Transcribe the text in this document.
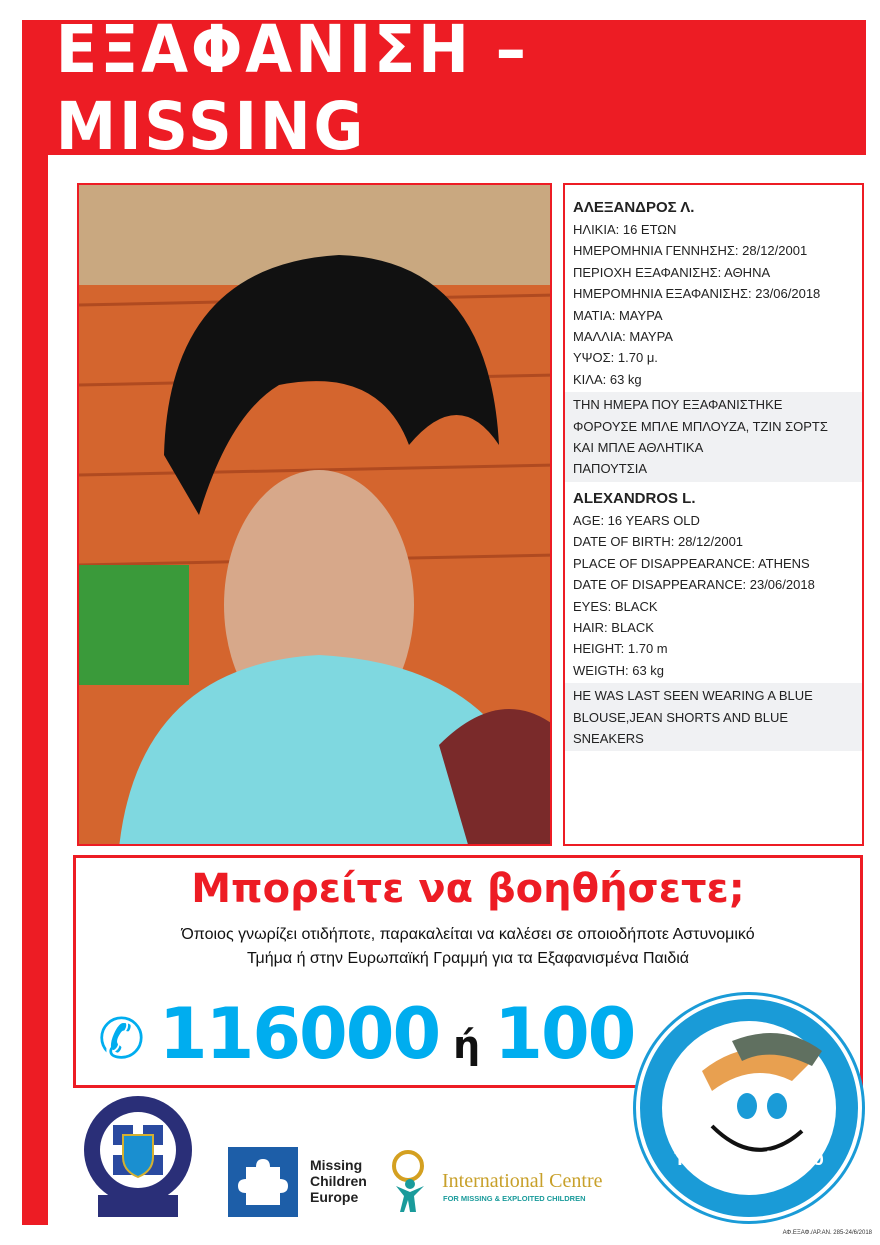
ΕΞΑΦΑΝΙΣΗ – MISSING
ΑΛΕΞΑΝΔΡΟΣ Λ.
ΗΛΙΚΙΑ: 16 ΕΤΩΝ
ΗΜΕΡΟΜΗΝΙΑ ΓΕΝΝΗΣΗΣ: 28/12/2001
ΠΕΡΙΟΧΗ ΕΞΑΦΑΝΙΣΗΣ: ΑΘΗΝΑ
ΗΜΕΡΟΜΗΝΙΑ ΕΞΑΦΑΝΙΣΗΣ: 23/06/2018
ΜΑΤΙΑ: ΜΑΥΡΑ
ΜΑΛΛΙΑ: ΜΑΥΡΑ
ΥΨΟΣ: 1.70 μ.
ΚΙΛΑ: 63 kg
ΤΗΝ ΗΜΕΡΑ ΠΟΥ ΕΞΑΦΑΝΙΣΤΗΚΕ
ΦΟΡΟΥΣΕ ΜΠΛΕ ΜΠΛΟΥΖΑ, ΤΖΙΝ ΣΟΡΤΣ
ΚΑΙ ΜΠΛΕ ΑΘΛΗΤΙΚΑ
ΠΑΠΟΥΤΣΙΑ
ALEXANDROS L.
AGE: 16 YEARS OLD
DATE OF BIRTH: 28/12/2001
PLACE OF DISAPPEARANCE: ATHENS
DATE OF DISAPPEARANCE: 23/06/2018
EYES: BLACK
HAIR: BLACK
HEIGHT: 1.70 m
WEIGTH: 63 kg
HE WAS LAST SEEN WEARING A BLUE
BLOUSE,JEAN SHORTS AND BLUE
SNEAKERS
Μπορείτε να βοηθήσετε;
Όποιος γνωρίζει οτιδήποτε, παρακαλείται να καλέσει σε οποιοδήποτε Αστυνομικό
Τμήμα ή στην Ευρωπαϊκή Γραμμή για τα Εξαφανισμένα Παιδιά
✆ 116000 ή 100
Missing
Children
Europe
International Centre
FOR MISSING & EXPLOITED CHILDREN
Το χαμόγελο του παιδιού
ΑΦ.ΕΞΑΦ./ΑΡ.ΑΝ. 285-24/6/2018
